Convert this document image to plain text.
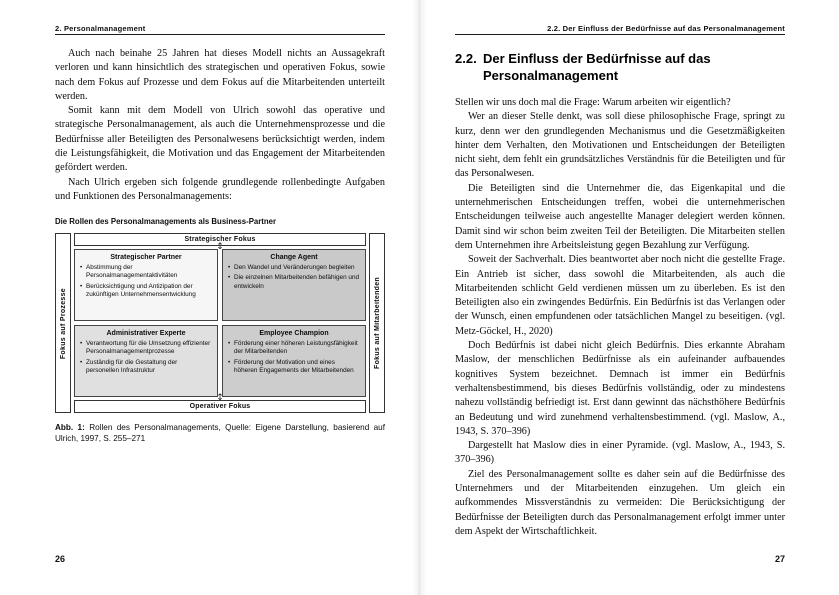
2. Personalmanagement

Auch nach beinahe 25 Jahren hat dieses Modell nichts an Aussagekraft verloren und kann hinsichtlich des strategischen und operativen Fokus, sowie nach dem Fokus auf Prozesse und dem Fokus auf die Mitarbeitenden unterteilt werden.

Somit kann mit dem Modell von Ulrich sowohl das operative und strategische Personalmanagement, als auch die Unternehmensprozesse und die Bedürfnisse aller Beteiligten des Personalwesens berücksichtigt werden, indem die Leistungsfähigkeit, die Motivation und das Engagement der Mitarbeitenden gefördert werden.

Nach Ulrich ergeben sich folgende grundlegende rollenbedingte Aufgaben und Funktionen des Personalmanagements:

Die Rollen des Personalmanagements als Business-Partner
Fokus auf Prozesse
Strategischer Fokus
Strategischer Partner
• Abstimmung der Personalmanagementaktivitäten
• Berücksichtigung und Antizipation der zukünftigen Unternehmensentwicklung
Change Agent
• Den Wandel und Veränderungen begleiten
• Die einzelnen Mitarbeitenden befähigen und entwickeln
Administrativer Experte
• Verantwortung für die Umsetzung effizienter Personalmanagementprozesse
• Zuständig für die Gestaltung der personellen Infrastruktur
Employee Champion
• Förderung einer höheren Leistungsfähigkeit der Mitarbeitenden
• Förderung der Motivation und eines höheren Engagements der Mitarbeitenden
Operativer Fokus
↕
↕
Fokus auf Mitarbeitenden
Abb. 1: Rollen des Personalmanagements, Quelle: Eigene Darstellung, basierend auf Ulrich, 1997, S. 255–271
26
2.2. Der Einfluss der Bedürfnisse auf das Personalmanagement
2.2. Der Einfluss der Bedürfnisse auf das Personalmanagement

Stellen wir uns doch mal die Frage: Warum arbeiten wir eigentlich?

Wer an dieser Stelle denkt, was soll diese philosophische Frage, springt zu kurz, denn wer den grundlegenden Mechanismus und die Gesetzmäßigkeiten hinter dem Verhalten, den Motivationen und Entscheidungen der Beteiligten nicht sieht, dem fehlt ein grundsätzliches Verständnis für die Beteiligten und für das Personalwesen.

Die Beteiligten sind die Unternehmer die, das Eigenkapital und die unternehmerischen Entscheidungen treffen, wobei die unternehmerischen Entscheidungen teilweise auch angestellte Manager delegiert werden können. Damit sind wir schon beim zweiten Teil der Beteiligten. Die Mitarbeiten stellen dem Unternehmen ihre Arbeitsleistung gegen Bezahlung zur Verfügung.

Soweit der Sachverhalt. Dies beantwortet aber noch nicht die gestellte Frage. Ein Antrieb ist sicher, dass sowohl die Mitarbeitenden, als auch die Mitarbeitenden schlicht Geld verdienen müssen um zu überleben. Es ist den Beteiligten also ein zwingendes Bedürfnis. Ein Bedürfnis ist das Verlangen oder der Wunsch, einen empfundenen oder tatsächlichen Mangel zu beseitigen. (vgl. Metz-Göckel, H., 2020)

Doch Bedürfnis ist dabei nicht gleich Bedürfnis. Dies erkannte Abraham Maslow, der menschlichen Bedürfnisse als ein aufeinander aufbauendes kognitives System bezeichnet. Demnach ist immer ein Bedürfnis verhaltensbestimmend, bis dieses Bedürfnis vollständig, oder zu mindestens nahezu vollständig befriedigt ist. Erst dann gewinnt das nächsthöhere Bedürfnis an Bedeutung und wird zunehmend verhaltensbestimmend. (vgl. Maslow, A., 1943, S. 370–396)

Dargestellt hat Maslow dies in einer Pyramide. (vgl. Maslow, A., 1943, S. 370–396)

Ziel des Personalmanagement sollte es daher sein auf die Bedürfnisse des Unternehmers und der Mitarbeitenden einzugehen. Um gleich ein aufkommendes Missverständnis zu vermeiden: Die Berücksichtigung der Bedürfnisse der Beteiligten durch das Personalmanagement erfolgt immer unter dem Aspekt der Wirtschaftlichkeit.

27
